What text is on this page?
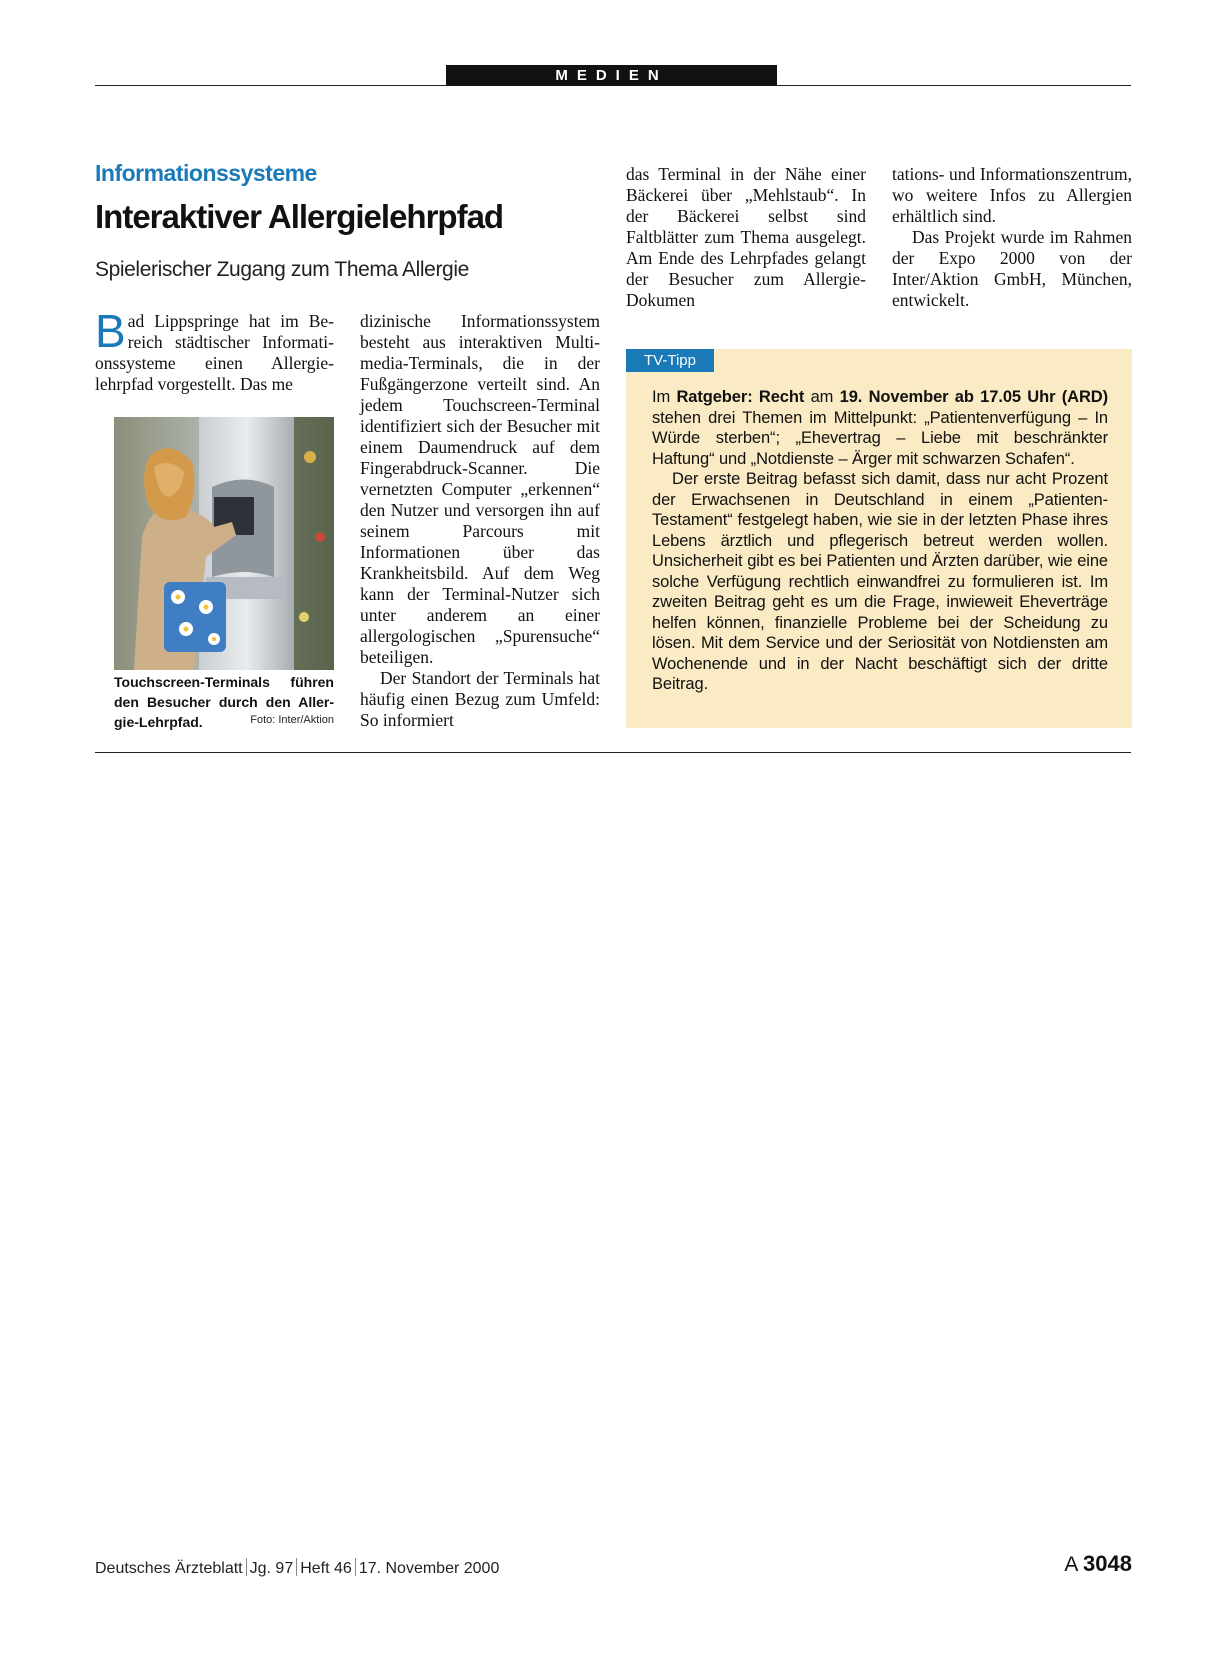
MEDIEN
Informationssysteme
Interaktiver Allergielehrpfad
Spielerischer Zugang zum Thema Allergie

Bad Lippspringe hat im Bereich städtischer Informationssysteme einen Allergielehrpfad vorgestellt. Das me

Touchscreen-Terminals führen den Besucher durch den Allergie-Lehrpfad.	Foto: Inter/Aktion

dizinische Informationssystem besteht aus interaktiven Multimedia-Terminals, die in der Fußgängerzone verteilt sind. An jedem Touchscreen-Terminal identifiziert sich der Besucher mit einem Daumendruck auf dem Fingerabdruck-Scanner. Die vernetzten Computer „erkennen“ den Nutzer und versorgen ihn auf seinem Parcours mit Informationen über das Krankheitsbild. Auf dem Weg kann der Terminal-Nutzer sich unter anderem an einer allergologischen „Spurensuche“ beteiligen.

Der Standort der Terminals hat häufig einen Bezug zum Umfeld: So informiert

das Terminal in der Nähe einer Bäckerei über „Mehlstaub“. In der Bäckerei selbst sind Faltblätter zum Thema ausgelegt. Am Ende des Lehrpfades gelangt der Besucher zum Allergie-Dokumen

tations- und Informationszentrum, wo weitere Infos zu Allergien erhältlich sind.

Das Projekt wurde im Rahmen der Expo 2000 von der Inter/Aktion GmbH, München, entwickelt.

TV-Tipp

Im Ratgeber: Recht am 19. November ab 17.05 Uhr (ARD) stehen drei Themen im Mittelpunkt: „Patientenverfügung – In Würde sterben“; „Ehevertrag – Liebe mit beschränkter Haftung“ und „Notdienste – Ärger mit schwarzen Schafen“.

Der erste Beitrag befasst sich damit, dass nur acht Prozent der Erwachsenen in Deutschland in einem „Patienten-Testament“ festgelegt haben, wie sie in der letzten Phase ihres Lebens ärztlich und pflegerisch betreut werden wollen. Unsicherheit gibt es bei Patienten und Ärzten darüber, wie eine solche Verfügung rechtlich einwandfrei zu formulieren ist. Im zweiten Beitrag geht es um die Frage, inwieweit Eheverträge helfen können, finanzielle Probleme bei der Scheidung zu lösen. Mit dem Service und der Seriosität von Notdiensten am Wochenende und in der Nacht beschäftigt sich der dritte Beitrag.

Deutsches Ärzteblatt Jg. 97 Heft 46 17. November 2000	A 3048
